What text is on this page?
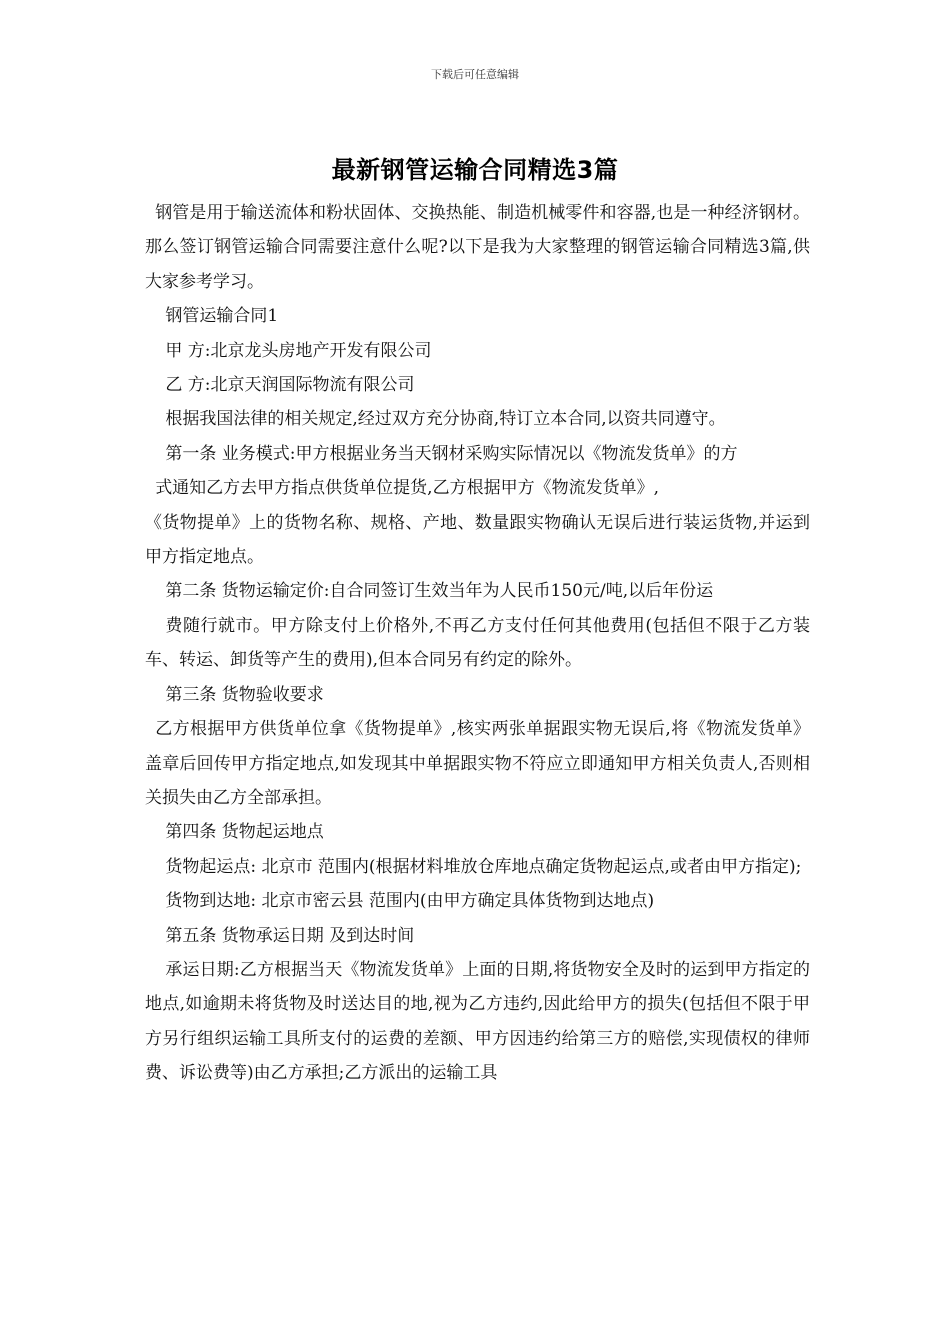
下载后可任意编辑
最新钢管运输合同精选3篇

钢管是用于输送流体和粉状固体、交换热能、制造机械零件和容器,也是一种经济钢材。那么签订钢管运输合同需要注意什么呢?以下是我为大家整理的钢管运输合同精选3篇,供大家参考学习。

钢管运输合同1

甲 方:北京龙头房地产开发有限公司

乙 方:北京天润国际物流有限公司

根据我国法律的相关规定,经过双方充分协商,特订立本合同,以资共同遵守。

第一条 业务模式:甲方根据业务当天钢材采购实际情况以《物流发货单》的方

式通知乙方去甲方指点供货单位提货,乙方根据甲方《物流发货单》,

《货物提单》上的货物名称、规格、产地、数量跟实物确认无误后进行装运货物,并运到甲方指定地点。

第二条 货物运输定价:自合同签订生效当年为人民币150元/吨,以后年份运

费随行就市。甲方除支付上价格外,不再乙方支付任何其他费用(包括但不限于乙方装车、转运、卸货等产生的费用),但本合同另有约定的除外。

第三条 货物验收要求

乙方根据甲方供货单位拿《货物提单》,核实两张单据跟实物无误后,将《物流发货单》盖章后回传甲方指定地点,如发现其中单据跟实物不符应立即通知甲方相关负责人,否则相关损失由乙方全部承担。

第四条 货物起运地点

货物起运点: 北京市 范围内(根据材料堆放仓库地点确定货物起运点,或者由甲方指定);

货物到达地: 北京市密云县 范围内(由甲方确定具体货物到达地点)

第五条 货物承运日期 及到达时间

承运日期:乙方根据当天《物流发货单》上面的日期,将货物安全及时的运到甲方指定的地点,如逾期未将货物及时送达目的地,视为乙方违约,因此给甲方的损失(包括但不限于甲方另行组织运输工具所支付的运费的差额、甲方因违约给第三方的赔偿,实现债权的律师费、诉讼费等)由乙方承担;乙方派出的运输工具
